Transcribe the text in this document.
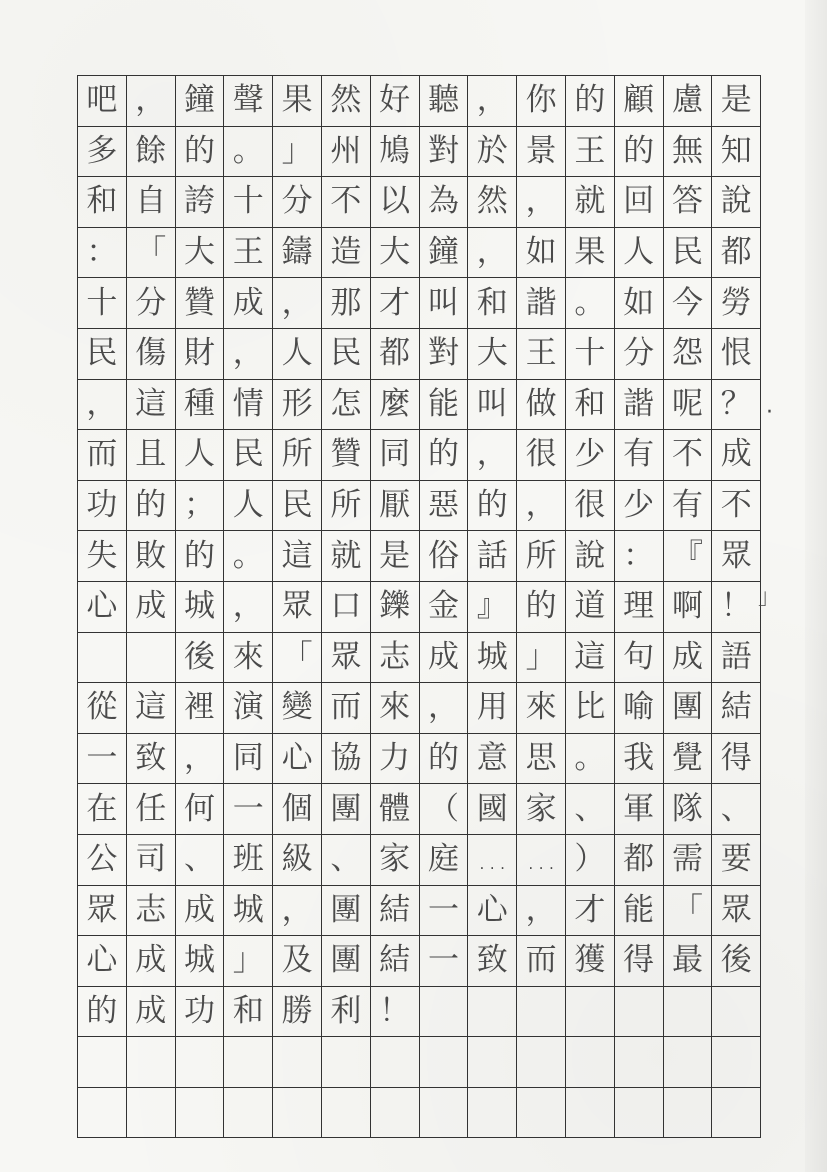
吧 ， 鐘 聲 果 然 好 聽 ， 你 的 顧 慮 是
多 餘 的 。 」 州 鳩 對 於 景 王 的 無 知
和 自 誇 十 分 不 以 為 然 ， 就 回 答 說
： 「 大 王 鑄 造 大 鐘 ， 如 果 人 民 都
十 分 贊 成 ， 那 才 叫 和 諧 。 如 今 勞
民 傷 財 ， 人 民 都 對 大 王 十 分 怨 恨
， 這 種 情 形 怎 麼 能 叫 做 和 諧 呢 ？
而 且 人 民 所 贊 同 的 ， 很 少 有 不 成
功 的 ； 人 民 所 厭 惡 的 ， 很 少 有 不
失 敗 的 。 這 就 是 俗 話 所 說 ： 『 眾
心 成 城 ， 眾 口 鑠 金 』 的 道 理 啊 ！

後 來 「 眾 志 成 城 」 這 句 成 語
從 這 裡 演 變 而 來 ， 用 來 比 喻 團 結
一 致 ， 同 心 協 力 的 意 思 。 我 覺 得
在 任 何 一 個 團 體 （ 國 家 、 軍 隊 、
公 司 、 班 級 、 家 庭 … … ） 都 需 要
眾 志 成 城 ， 團 結 一 心 ， 才 能 「 眾
心 成 城 」 及 團 結 一 致 而 獲 得 最 後
的 成 功 和 勝 利 ！
·
」
